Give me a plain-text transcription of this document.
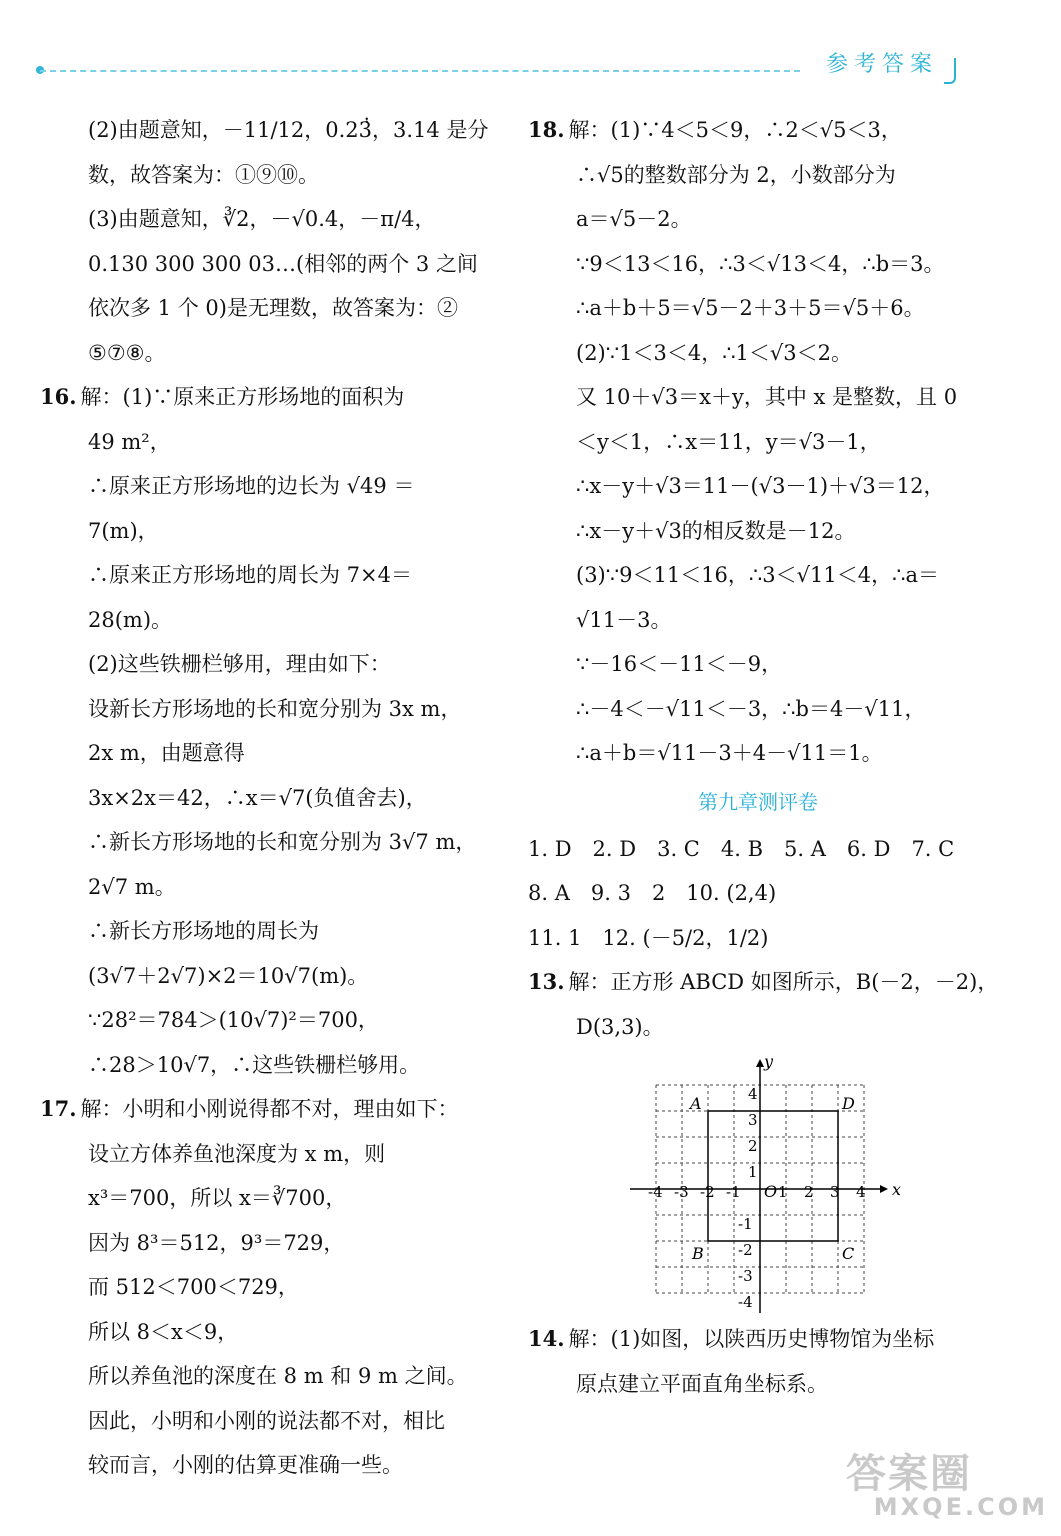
参考答案
(2)由题意知，－11/12，0.23̇̇，3.14 是分
数，故答案为：①⑨⑩。
(3)由题意知，∛2，－√0.4，－π/4，
0.130 300 300 03…(相邻的两个 3 之间
依次多 1 个 0)是无理数，故答案为：②
⑤⑦⑧。
16. 解：(1)∵原来正方形场地的面积为
49 m²，
∴原来正方形场地的边长为 √49 ＝
7(m)，
∴原来正方形场地的周长为 7×4＝
28(m)。
(2)这些铁栅栏够用，理由如下：
设新长方形场地的长和宽分别为 3x m，
2x m，由题意得
3x×2x＝42，∴x＝√7(负值舍去)，
∴新长方形场地的长和宽分别为 3√7 m，
2√7 m。
∴新长方形场地的周长为
(3√7＋2√7)×2＝10√7(m)。
∵28²＝784＞(10√7)²＝700，
∴28＞10√7，∴这些铁栅栏够用。
17. 解：小明和小刚说得都不对，理由如下：
设立方体养鱼池深度为 x m，则
x³＝700，所以 x＝∛700，
因为 8³＝512，9³＝729，
而 512＜700＜729，
所以 8＜x＜9，
所以养鱼池的深度在 8 m 和 9 m 之间。
因此，小明和小刚的说法都不对，相比
较而言，小刚的估算更准确一些。
18. 解：(1)∵4＜5＜9，∴2＜√5＜3，
∴√5的整数部分为 2，小数部分为
a＝√5－2。
∵9＜13＜16，∴3＜√13＜4，∴b＝3。
∴a＋b＋5＝√5－2＋3＋5＝√5＋6。
(2)∵1＜3＜4，∴1＜√3＜2。
又 10＋√3＝x＋y，其中 x 是整数，且 0
＜y＜1，∴x＝11，y＝√3－1，
∴x－y＋√3＝11－(√3－1)＋√3＝12，
∴x－y＋√3的相反数是－12。
(3)∵9＜11＜16，∴3＜√11＜4，∴a＝
√11－3。
∵－16＜－11＜－9，
∴－4＜－√11＜－3，∴b＝4－√11，
∴a＋b＝√11－3＋4－√11＝1。
第九章测评卷
1. D　2. D　3. C　4. B　5. A　6. D　7. C
8. A　9. 3　2　10. (2,4)
11. 1　12. (－5/2，1/2)
13. 解：正方形 ABCD 如图所示，B(－2，－2)，
D(3,3)。
x
y
O
-4 -3 -2 -1 1 2 3 4
4
3
2
1
-1
-2
-3
-4
A
B	C
D
14. 解：(1)如图，以陕西历史博物馆为坐标
原点建立平面直角坐标系。
答案圈
MXQE.COM
